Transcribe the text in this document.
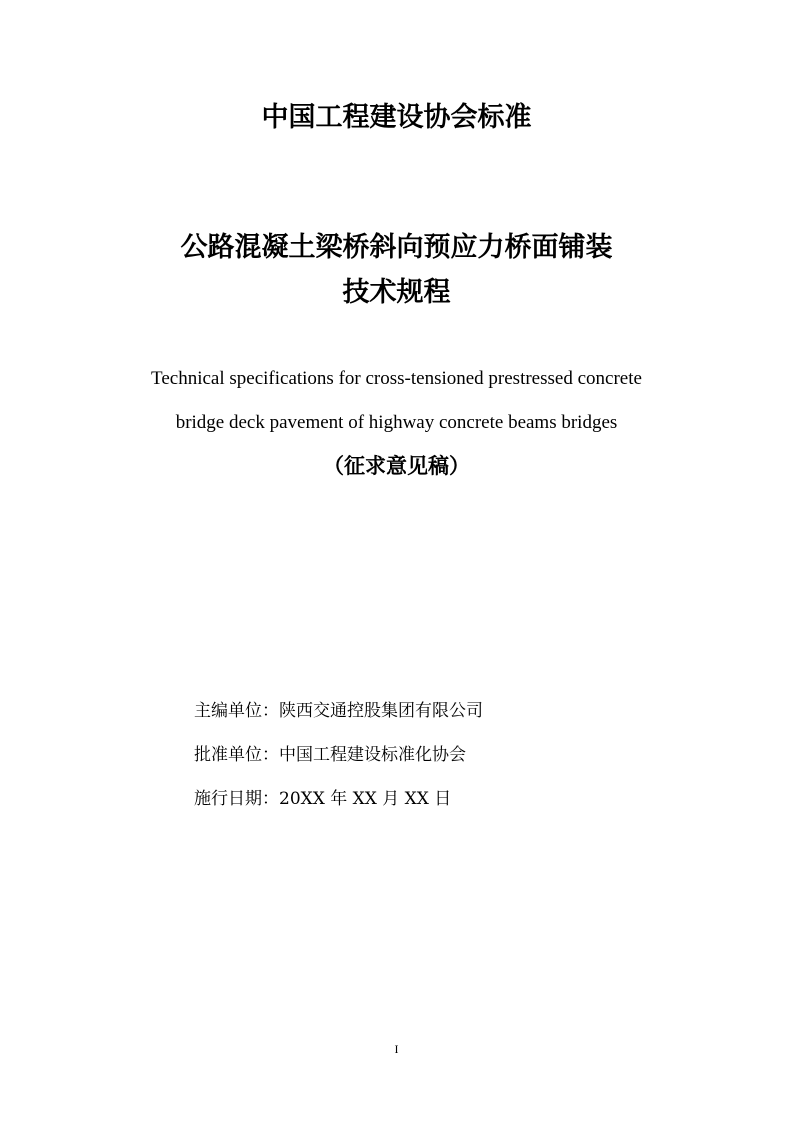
中国工程建设协会标准
公路混凝土梁桥斜向预应力桥面铺装
技术规程
Technical specifications for cross-tensioned prestressed concrete
bridge deck pavement of highway concrete beams bridges
（征求意见稿）
主编单位：陕西交通控股集团有限公司
批准单位：中国工程建设标准化协会
施行日期：20XX 年 XX 月 XX 日
I
